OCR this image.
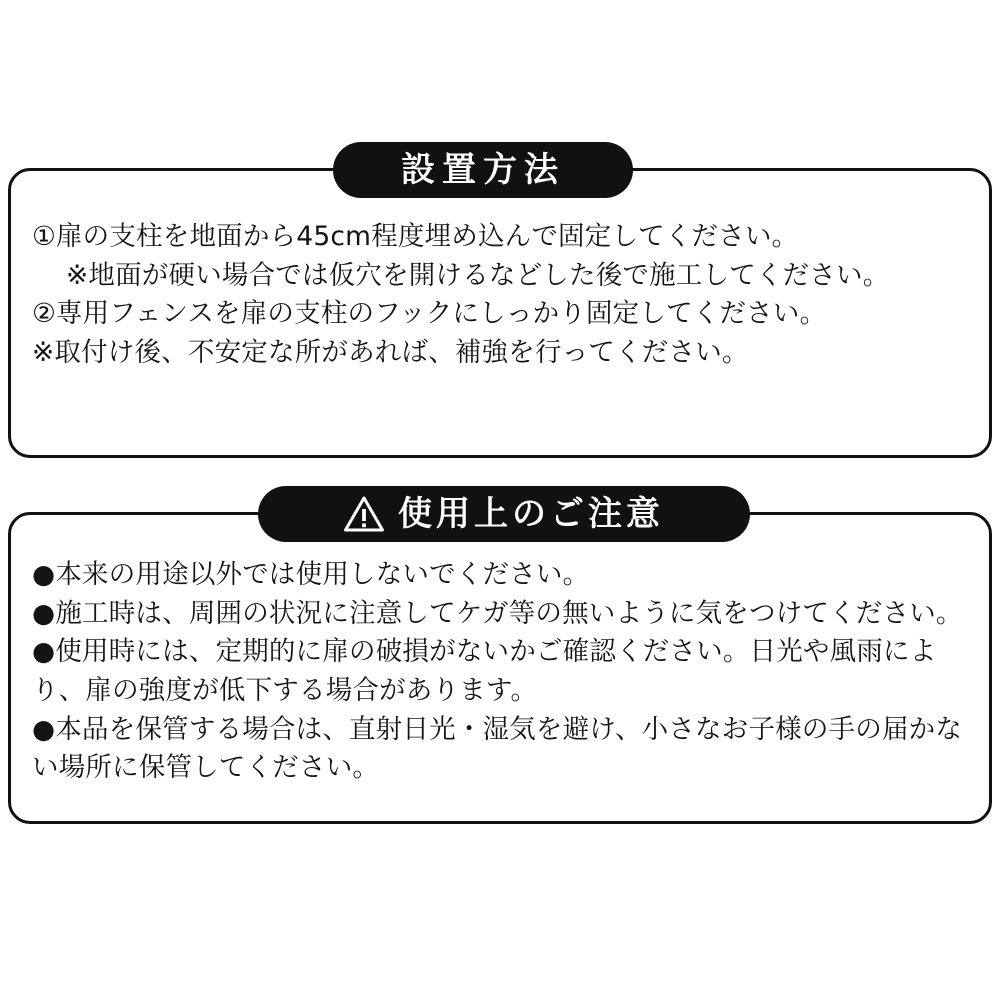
設置方法
①扉の支柱を地面から45cm程度埋め込んで固定してください。
※地面が硬い場合では仮穴を開けるなどした後で施工してください。
②専用フェンスを扉の支柱のフックにしっかり固定してください。
※取付け後、不安定な所があれば、補強を行ってください。
使用上のご注意
●本来の用途以外では使用しないでください。
●施工時は、周囲の状況に注意してケガ等の無いように気をつけてください。
●使用時には、定期的に扉の破損がないかご確認ください。日光や風雨により、扉の強度が低下する場合があります。
●本品を保管する場合は、直射日光・湿気を避け、小さなお子様の手の届かない場所に保管してください。
